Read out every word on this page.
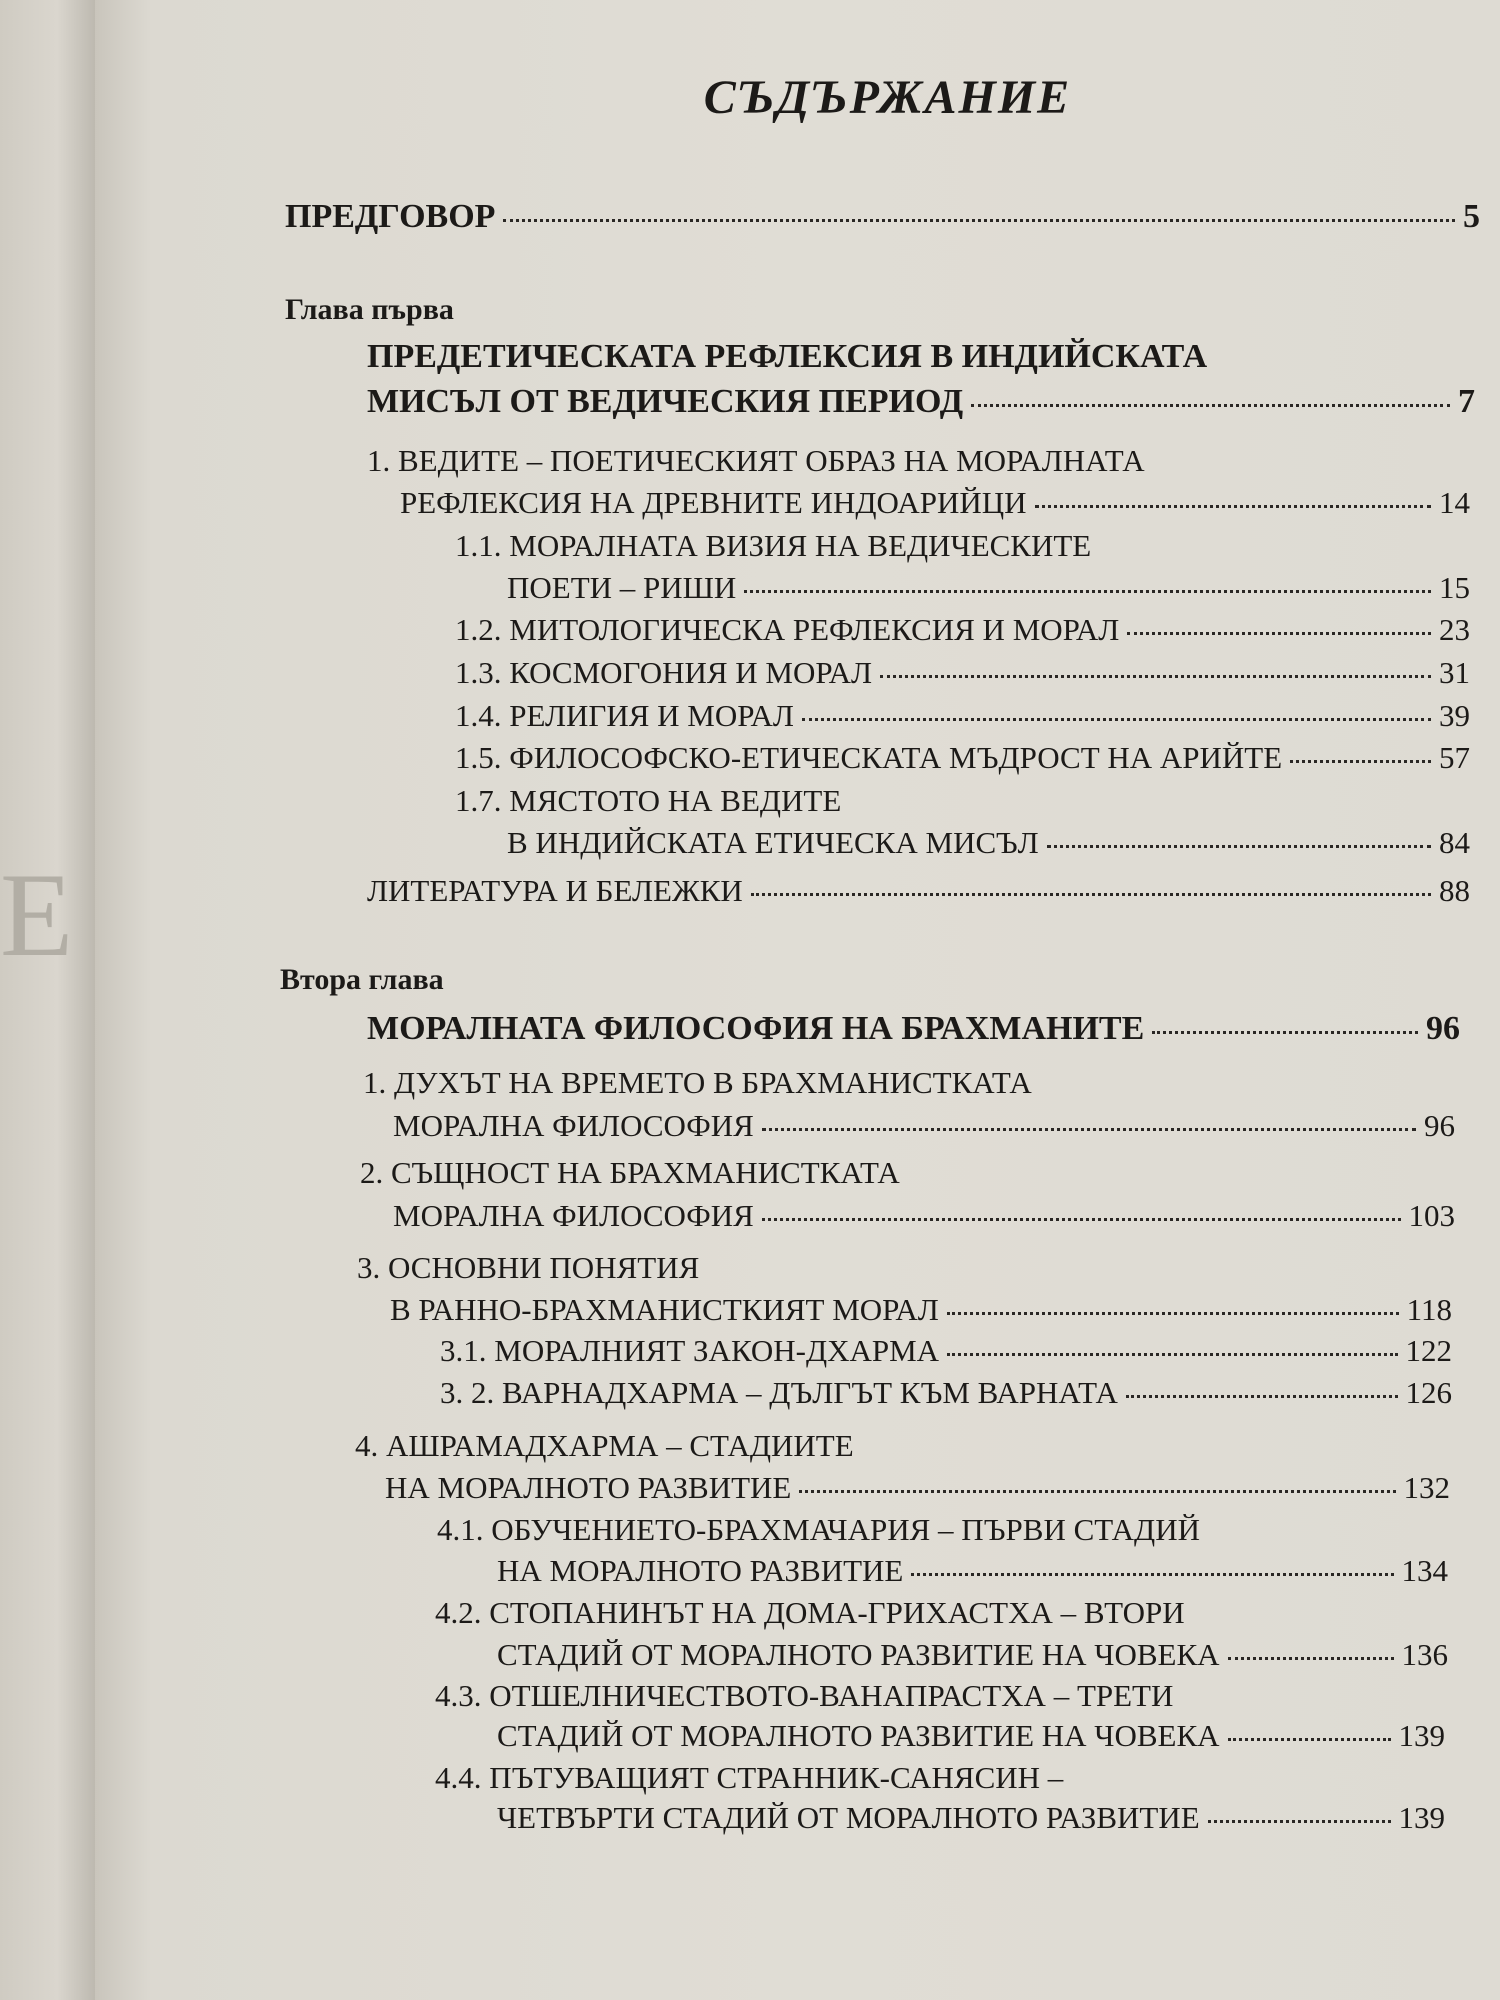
Е
СЪДЪРЖАНИЕ
ПРЕДГОВОР	5
Глава първа
ПРЕДЕТИЧЕСКАТА РЕФЛЕКСИЯ В ИНДИЙСКАТА
МИСЪЛ ОТ ВЕДИЧЕСКИЯ ПЕРИОД	7
1. ВЕДИТЕ – ПОЕТИЧЕСКИЯТ ОБРАЗ НА МОРАЛНАТА
РЕФЛЕКСИЯ НА ДРЕВНИТЕ ИНДОАРИЙЦИ	14
1.1. МОРАЛНАТА ВИЗИЯ НА ВЕДИЧЕСКИТЕ
ПОЕТИ – РИШИ	15
1.2. МИТОЛОГИЧЕСКА РЕФЛЕКСИЯ И МОРАЛ	23
1.3. КОСМОГОНИЯ И МОРАЛ	31
1.4. РЕЛИГИЯ И МОРАЛ	39
1.5. ФИЛОСОФСКО-ЕТИЧЕСКАТА МЪДРОСТ НА АРИЙТЕ	57
1.7. МЯСТОТО НА ВЕДИТЕ
В ИНДИЙСКАТА ЕТИЧЕСКА МИСЪЛ	84
ЛИТЕРАТУРА И БЕЛЕЖКИ	88
Втора глава
МОРАЛНАТА ФИЛОСОФИЯ НА БРАХМАНИТЕ	96
1. ДУХЪТ НА ВРЕМЕТО В БРАХМАНИСТКАТА
МОРАЛНА ФИЛОСОФИЯ	96
2. СЪЩНОСТ НА БРАХМАНИСТКАТА
МОРАЛНА ФИЛОСОФИЯ	103
3. ОСНОВНИ ПОНЯТИЯ
В РАННО-БРАХМАНИСТКИЯТ МОРАЛ	118
3.1. МОРАЛНИЯТ ЗАКОН-ДХАРМА	122
3. 2. ВАРНАДХАРМА – ДЪЛГЪТ КЪМ ВАРНАТА	126
4. АШРАМАДХАРМА – СТАДИИТЕ
НА МОРАЛНОТО РАЗВИТИЕ	132
4.1. ОБУЧЕНИЕТО-БРАХМАЧАРИЯ – ПЪРВИ СТАДИЙ
НА МОРАЛНОТО РАЗВИТИЕ	134
4.2. СТОПАНИНЪТ НА ДОМА-ГРИХАСТХА – ВТОРИ
СТАДИЙ ОТ МОРАЛНОТО РАЗВИТИЕ НА ЧОВЕКА	136
4.3. ОТШЕЛНИЧЕСТВОТО-ВАНАПРАСТХА – ТРЕТИ
СТАДИЙ ОТ МОРАЛНОТО РАЗВИТИЕ НА ЧОВЕКА	139
4.4. ПЪТУВАЩИЯТ СТРАННИК-САНЯСИН –
ЧЕТВЪРТИ СТАДИЙ ОТ МОРАЛНОТО РАЗВИТИЕ	139
